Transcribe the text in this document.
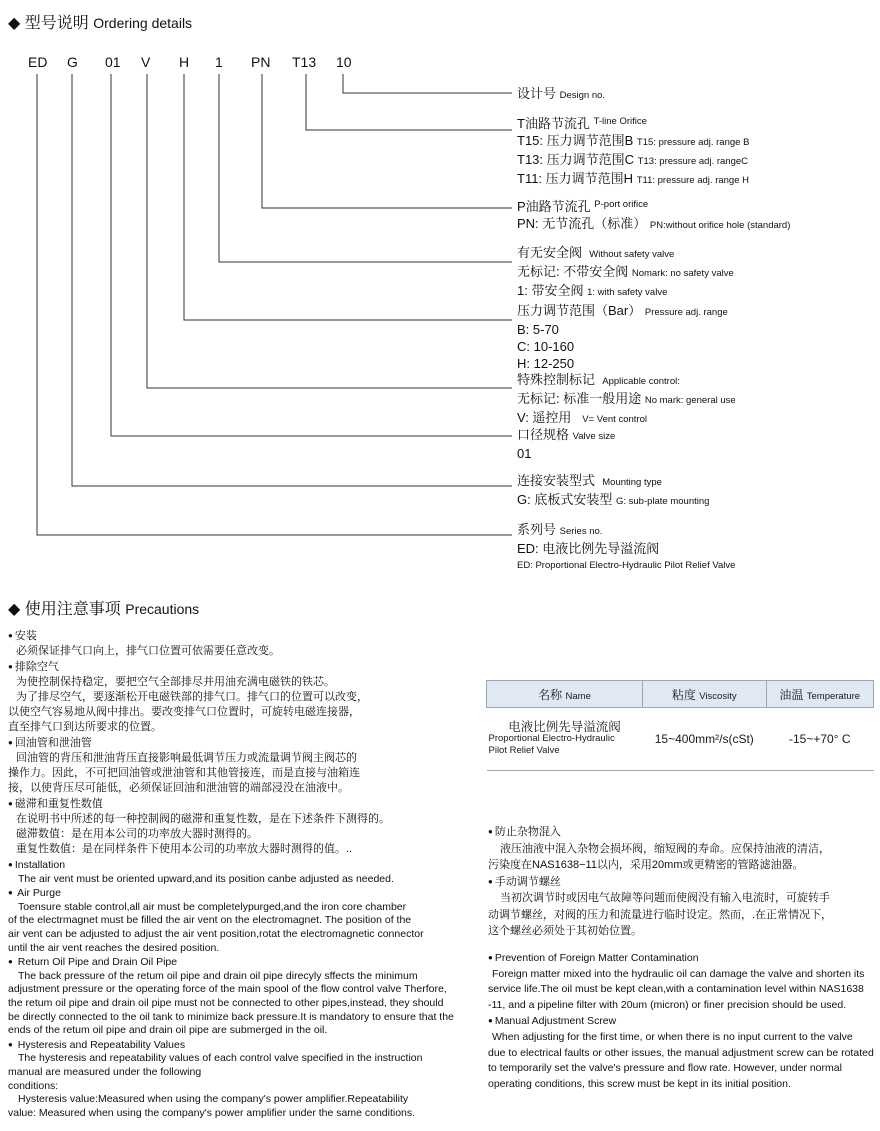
◆ 型号说明 Ordering details
ED G 01 V H 1 PN T13 10
设计号 Design no.
T油路节流孔 $^{T-line Orifice}$
T15: 压力调节范围B T15: pressure adj. range B
T13: 压力调节范围C T13: pressure adj. rangeC
T11: 压力调节范围H T11: pressure adj. range H
P油路节流孔 $^{P-port orifice}$
PN: 无节流孔（标准） PN:without orifice hole (standard)
有无安全阀 Without safety valve
无标记: 不带安全阀 Nomark: no safety valve
1: 带安全阀 1: with safety valve
压力调节范围（Bar） Pressure adj. range
B: 5-70
C: 10-160
H: 12-250
特殊控制标记 Applicable control:
无标记: 标准一般用途 No mark: general use
V: 遥控用 V= Vent control
口径规格 Valve size
01
连接安装型式 Mounting type
G: 底板式安装型 G: sub-plate mounting
系列号 Series no.
ED: 电液比例先导溢流阀
ED: Proportional Electro-Hydraulic Pilot Relief Valve
◆ 使用注意事项 Precautions
● 安装
必须保证排气口向上，排气口位置可依需要任意改变。
● 排除空气
为使控制保持稳定，要把空气全部排尽并用油充满电磁铁的铁芯。
为了排尽空气，要逐渐松开电磁铁部的排气口。排气口的位置可以改变，
以使空气容易地从阀中排出。要改变排气口位置时，可旋转电磁连接器，
直至排气口到达所要求的位置。
● 回油管和泄油管
回油管的背压和泄油背压直接影响最低调节压力或流量调节阀主阀芯的
操作力。因此，不可把回油管或泄油管和其他管接连，而是直接与油箱连
接，以使背压尽可能低，必须保证回油和泄油管的端部浸没在油液中。
● 磁滞和重复性数值
在说明书中所述的每一种控制阀的磁滞和重复性数，是在下述条件下测得的。
磁滞数值：是在用本公司的功率放大器时测得的。
重复性数值：是在同样条件下使用本公司的功率放大器时测得的值。..
● Installation
The air vent must be oriented upward,and its position canbe adjusted as needed.
● Air Purge
Toensure stable control,all air must be completelypurged,and the iron core chamber
of the electrmagnet must be filled the air vent on the electromagnet. The position of the
air vent can be adjusted to adjust the air vent position,rotat the electromagnetic connector
until the air vent reaches the desired position.
● Return Oil Pipe and Drain Oil Pipe
The back pressure of the retum oil pipe and drain oil pipe direcyly sffects the minimum
adjustment pressure or the operating force of the main spool of the flow control valve Therfore,
the retum oil pipe and drain oil pipe must not be connected to other pipes,instead, they should
be directly connected to the oil tank to minimize back pressure.It is mandatory to ensure that the
ends of the retum oil pipe and drain oil pipe are submerged in the oil.
● Hysteresis and Repeatability Values
The hysteresis and repeatability values of each control valve specified in the instruction
manual are measured under the following
conditions:
Hysteresis value:Measured when using the company's power amplifier.Repeatability
value: Measured when using the company's power amplifier under the same conditions.
名称 Name	粘度 Viscosity	油温 Temperature

电液比例先导溢流阀
Proportional Electro-Hydraulic
Pilot Relief Valve	15~400mm²/s(cSt)	-15~+70° C
● 防止杂物混入
液压油液中混入杂物会损坏阀，缩短阀的寿命。应保持油液的清洁，
污染度在NAS1638−11以内，采用20mm或更精密的管路滤油器。
● 手动调节螺丝
当初次调节时或因电气故障等问题而使阀没有输入电流时，可旋转手
动调节螺丝，对阀的压力和流量进行临时设定。然而，.在正常情况下，
这个螺丝必须处于其初始位置。
● Prevention of Foreign Matter Contamination
Foreign matter mixed into the hydraulic oil can damage the valve and shorten its
service life.The oil must be kept clean,with a contamination level within NAS1638
-11, and a pipeline filter with 20um (micron) or finer precision should be used.
● Manual Adjustment Screw
When adjusting for the first time, or when there is no input current to the valve
due to electrical faults or other issues, the manual adjustment screw can be rotated
to temporarily set the valve's pressure and flow rate. However, under normal
operating conditions, this screw must be kept in its initial position.
